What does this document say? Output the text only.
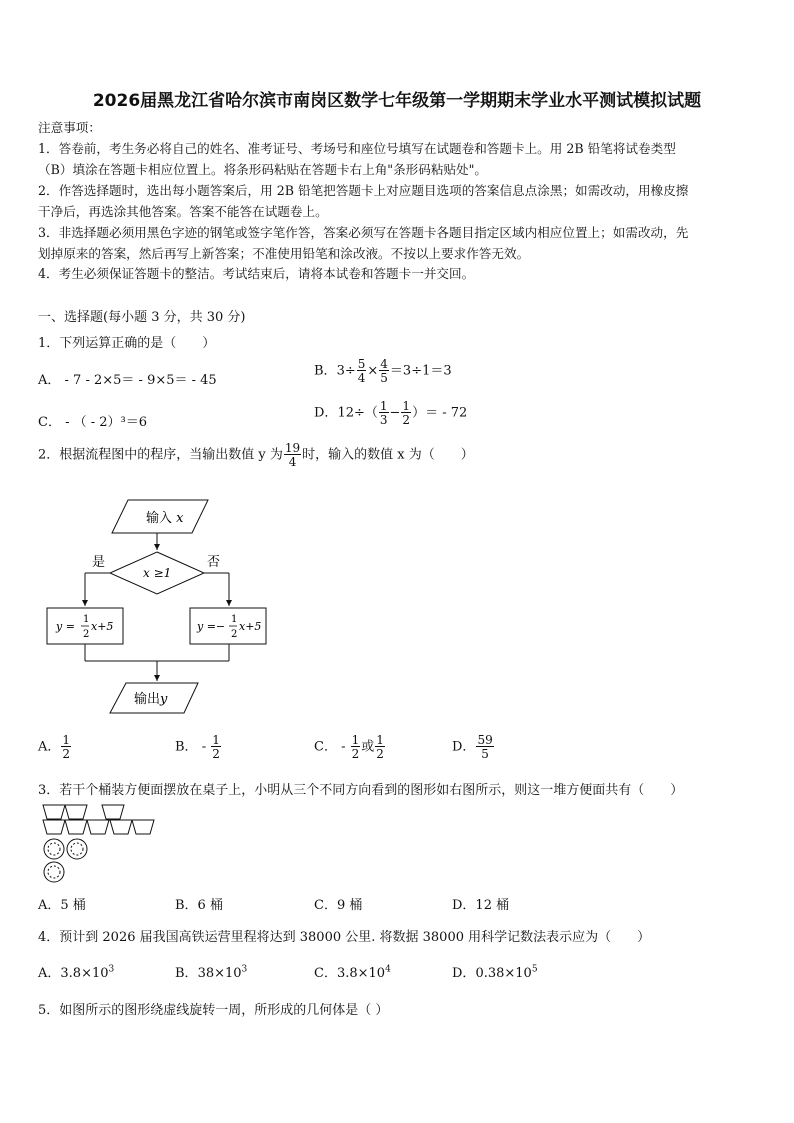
2026届黑龙江省哈尔滨市南岗区数学七年级第一学期期末学业水平测试模拟试题
注意事项：
1．答卷前，考生务必将自己的姓名、准考证号、考场号和座位号填写在试题卷和答题卡上。用 2B 铅笔将试卷类型
（B）填涂在答题卡相应位置上。将条形码粘贴在答题卡右上角"条形码粘贴处"。
2．作答选择题时，选出每小题答案后，用 2B 铅笔把答题卡上对应题目选项的答案信息点涂黑；如需改动，用橡皮擦
干净后，再选涂其他答案。答案不能答在试题卷上。
3．非选择题必须用黑色字迹的钢笔或签字笔作答，答案必须写在答题卡各题目指定区域内相应位置上；如需改动，先
划掉原来的答案，然后再写上新答案；不准使用铅笔和涂改液。不按以上要求作答无效。
4．考生必须保证答题卡的整洁。考试结束后，请将本试卷和答题卡一并交回。
一、选择题(每小题 3 分，共 30 分)
1．下列运算正确的是（　　）
A． - 7 - 2×5＝ - 9×5＝ - 45
B．$3\div \frac{5}{4} \times \frac{4}{5} =3\div 1=3$
C． - （ - 2）³＝6
D．$12\div( \frac{1}{3} - \frac{1}{2}$ ）＝ - 72
2．根据流程图中的程序，当输出数值 y 为 $\frac{19}{4}$ 时，输入的数值 x 为（　　）
输入 x
x ≥1
是	否
y =
1
2
x+5	y =−
1
2
x+5
输出y
A． $\frac{1}{2}$	B． - $\frac{1}{2}$	C． - $\frac{1}{2}$ 或 $\frac{1}{2}$	D． $\frac{59}{5}$
3．若干个桶装方便面摆放在桌子上，小明从三个不同方向看到的图形如右图所示，则这一堆方便面共有（　　）
A．5 桶	B．6 桶	C．9 桶	D．12 桶
4．预计到 2026 届我国高铁运营里程将达到 38000 公里. 将数据 38000 用科学记数法表示应为（　　）
A．$3.8\times 10^3$	B．$38\times 10^3$	C．$3.8\times 10^4$	D．$0.38\times 10^5$
5．如图所示的图形绕虚线旋转一周，所形成的几何体是（ ）
